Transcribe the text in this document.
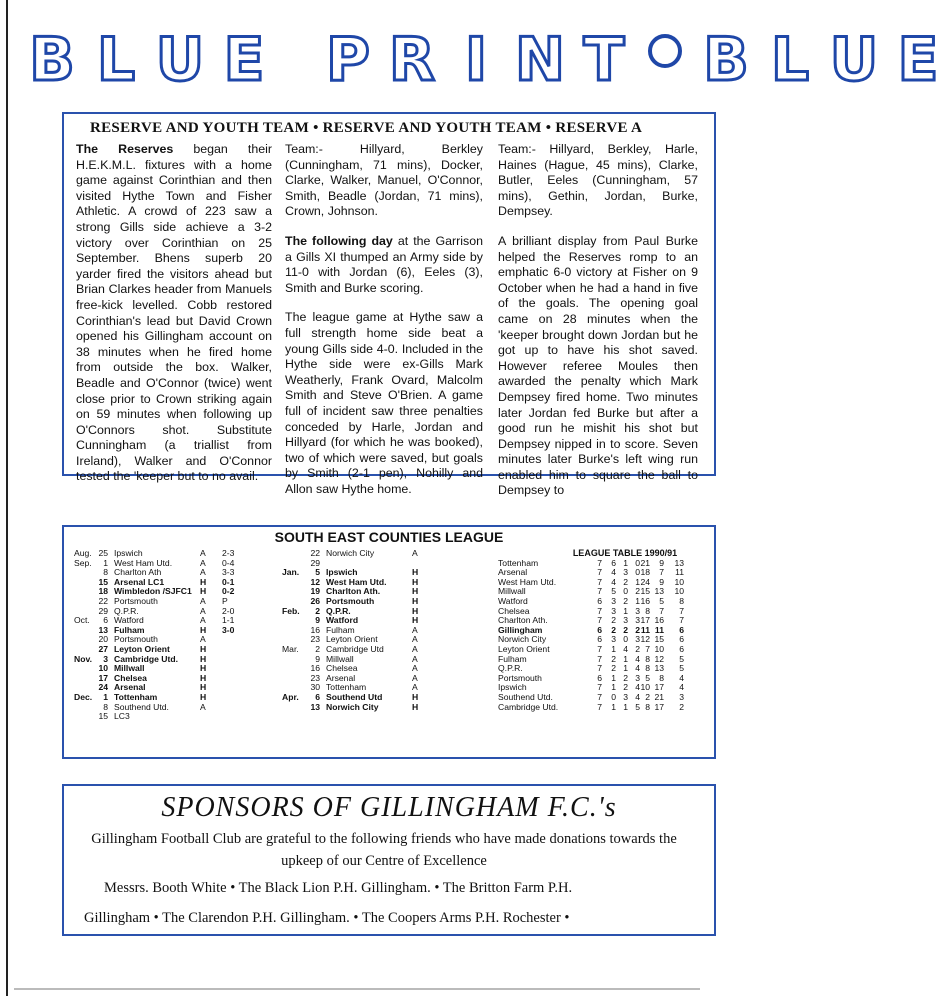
B L U E P R I N T B L U E
RESERVE AND YOUTH TEAM • RESERVE AND YOUTH TEAM • RESERVE A

The Reserves began their H.E.K.M.L. fixtures with a home game against Corinthian and then visited Hythe Town and Fisher Athletic. A crowd of 223 saw a strong Gills side achieve a 3-2 victory over Corinthian on 25 September. Bhens superb 20 yarder fired the visitors ahead but Brian Clarkes header from Manuels free-kick levelled. Cobb restored Corinthian's lead but David Crown opened his Gillingham account on 38 minutes when he fired home from outside the box. Walker, Beadle and O'Connor (twice) went close prior to Crown striking again on 59 minutes when following up O'Connors shot. Substitute Cunningham (a triallist from Ireland), Walker and O'Connor tested the 'keeper but to no avail.

Team:- Hillyard, Berkley (Cunningham, 71 mins), Docker, Clarke, Walker, Manuel, O'Connor, Smith, Beadle (Jordan, 71 mins), Crown, Johnson.

The following day at the Garrison a Gills XI thumped an Army side by 11-0 with Jordan (6), Eeles (3), Smith and Burke scoring.

The league game at Hythe saw a full strength home side beat a young Gills side 4-0. Included in the Hythe side were ex-Gills Mark Weatherly, Frank Ovard, Malcolm Smith and Steve O'Brien. A game full of incident saw three penalties conceded by Harle, Jordan and Hillyard (for which he was booked), two of which were saved, but goals by Smith (2-1 pen), Nohilly and Allon saw Hythe home.

Team:- Hillyard, Berkley, Harle, Haines (Hague, 45 mins), Clarke, Butler, Eeles (Cunningham, 57 mins), Gethin, Jordan, Burke, Dempsey.

A brilliant display from Paul Burke helped the Reserves romp to an emphatic 6-0 victory at Fisher on 9 October when he had a hand in five of the goals. The opening goal came on 28 minutes when the 'keeper brought down Jordan but he got up to have his shot saved. However referee Moules then awarded the penalty which Mark Dempsey fired home. Two minutes later Jordan fed Burke but after a good run he mishit his shot but Dempsey nipped in to score. Seven minutes later Burke's left wing run enabled him to square the ball to Dempsey to

SOUTH EAST COUNTIES LEAGUE
Aug. 25 Ipswich	A 2-3
Sep.	1 West Ham Utd.	A 0-4
8 Charlton Ath	A 3-3
15 Arsenal LC1	H 0-1
18 Wimbledon /SJFC1 H 0-2
22 Portsmouth	A P
29 Q.P.R.	A 2-0
Oct.	6 Watford	A 1-1
13 Fulham	H 3-0
20 Portsmouth	A
27 Leyton Orient	H
Nov.	3 Cambridge Utd.	H
10 Millwall	H
17 Chelsea	H
24 Arsenal	H
Dec.	1 Tottenham	H
8 Southend Utd.	A
15 LC3
22 Norwich City	A
29
Jan.	5 Ipswich	H
12 West Ham Utd.	H
19 Charlton Ath.	H
26 Portsmouth	H
Feb.	2 Q.P.R.	H
9 Watford	H
16 Fulham	A
23 Leyton Orient	A
Mar.	2 Cambridge Utd	A
9 Millwall	A
16 Chelsea	A
23 Arsenal	A
30 Tottenham	A
Apr.	6 Southend Utd	H
13 Norwich City	H
LEAGUE TABLE 1990/91
Tottenham	7	6 1 0 21	9 13
Arsenal	7	4 3 0 18	7	11
West Ham Utd.	7	4 2 1 24	9 10
Millwall	7	5 0 2 15 13 10
Watford	6	3 2 1 16	5	8
Chelsea	7	3 1 3 8	7	7
Charlton Ath.	7	2 3 3 17 16	7
Gillingham	6	2 2 2 11 11	6
Norwich City	6	3 0 3 12 15	6
Leyton Orient	7	1 4 2 7 10	6
Fulham	7	2 1 4 8 12	5
Q.P.R.	7	2 1 4 8 13	5
Portsmouth	6	1 2 3 5	8	4
Ipswich	7	1 2 4 10 17	4
Southend Utd.	7	0 3 4 2 21	3
Cambridge Utd.	7	1 1 5 8 17	2
SPONSORS OF GILLINGHAM F.C.'s
Gillingham Football Club are grateful to the following friends who have made donations towards the upkeep of our Centre of Excellence
Messrs. Booth White • The Black Lion P.H. Gillingham. • The Britton Farm P.H.
Gillingham • The Clarendon P.H. Gillingham. • The Coopers Arms P.H. Rochester •
